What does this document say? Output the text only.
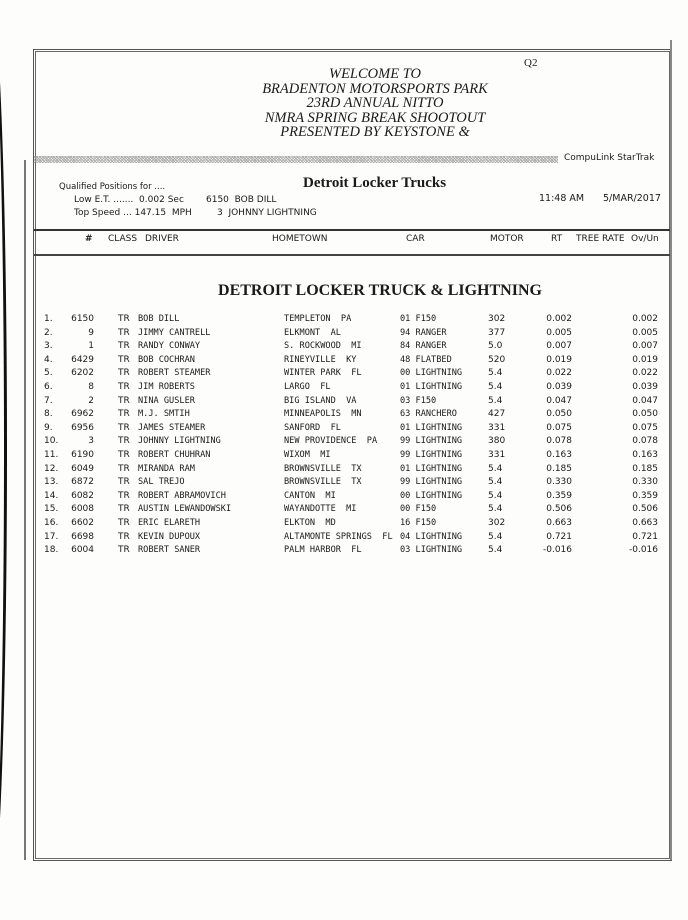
Q2
WELCOME TO
BRADENTON MOTORSPORTS PARK
23RD ANNUAL NITTO
NMRA SPRING BREAK SHOOTOUT
PRESENTED BY KEYSTONE &
CompuLink StarTrak
Qualified Positions for ....
Low E.T. ....... 0.002 Sec 6150  BOB DILL
Top Speed ... 147.15 MPH	3  JOHNNY LIGHTNING
Detroit Locker Trucks
11:48 AM 5/MAR/2017
# CLASS DRIVER	HOMETOWN	CAR	MOTOR	RT TREE RATE Ov/Un
DETROIT LOCKER TRUCK & LIGHTNING
1.	6150	TR BOB DILL	TEMPLETON  PA	01 F150	302	0.002	0.002
2.	9	TR JIMMY CANTRELL	ELKMONT  AL	94 RANGER	377	0.005	0.005
3.	1	TR RANDY CONWAY	S. ROCKWOOD  MI	84 RANGER	5.0	0.007	0.007
4.	6429	TR BOB COCHRAN	RINEYVILLE  KY	48 FLATBED	520	0.019	0.019
5.	6202	TR ROBERT STEAMER	WINTER PARK  FL	00 LIGHTNING	5.4	0.022	0.022
6.	8	TR JIM ROBERTS	LARGO  FL	01 LIGHTNING	5.4	0.039	0.039
7.	2	TR NINA GUSLER	BIG ISLAND  VA	03 F150	5.4	0.047	0.047
8.	6962	TR M.J. SMTIH	MINNEAPOLIS  MN	63 RANCHERO	427	0.050	0.050
9.	6956	TR JAMES STEAMER	SANFORD  FL	01 LIGHTNING	331	0.075	0.075
10.	3	TR JOHNNY LIGHTNING	NEW PROVIDENCE  PA	99 LIGHTNING	380	0.078	0.078
11.	6190	TR ROBERT CHUHRAN	WIXOM  MI	99 LIGHTNING	331	0.163	0.163
12.	6049	TR MIRANDA RAM	BROWNSVILLE  TX	01 LIGHTNING	5.4	0.185	0.185
13.	6872	TR SAL TREJO	BROWNSVILLE  TX	99 LIGHTNING	5.4	0.330	0.330
14.	6082	TR ROBERT ABRAMOVICH	CANTON  MI	00 LIGHTNING	5.4	0.359	0.359
15.	6008	TR AUSTIN LEWANDOWSKI	WAYANDOTTE  MI	00 F150	5.4	0.506	0.506
16.	6602	TR ERIC ELARETH	ELKTON  MD	16 F150	302	0.663	0.663
17.	6698	TR KEVIN DUPOUX	ALTAMONTE SPRINGS  FL 04 LIGHTNING	5.4	0.721	0.721
18.	6004	TR ROBERT SANER	PALM HARBOR  FL	03 LIGHTNING	5.4	-0.016	-0.016
